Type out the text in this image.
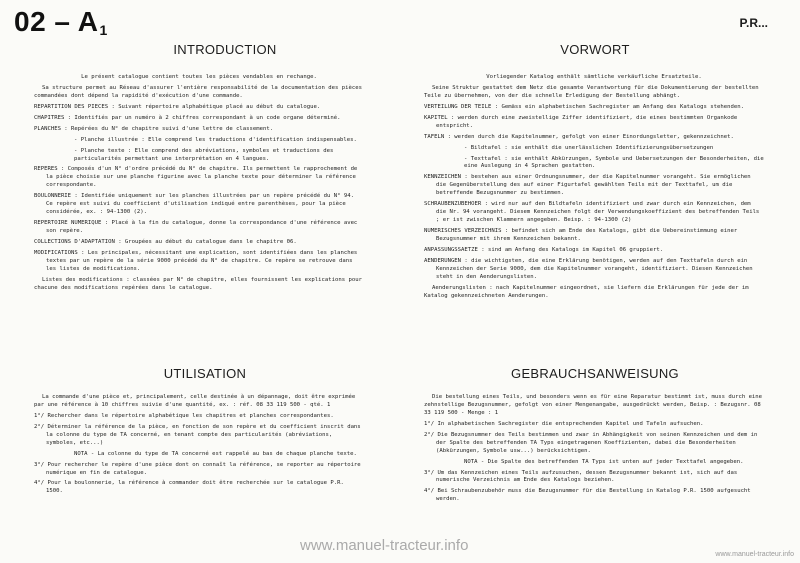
$02 - A_1$	P.R...
INTRODUCTION

Le présent catalogue contient toutes les pièces vendables en rechange.

Sa structure permet au Réseau d'assurer l'entière responsabilité de la documentation des pièces commandées dont dépend la rapidité d'exécution d'une commande.

REPARTITION DES PIECES : Suivant répertoire alphabétique placé au début du catalogue.

CHAPITRES : Identifiés par un numéro à 2 chiffres correspondant à un code organe déterminé.

PLANCHES : Repérées du N° de chapitre suivi d'une lettre de classement.

- Planche illustrée : Elle comprend les traductions d'identification indispensables.

- Planche texte : Elle comprend des abréviations, symboles et traductions des particularités permettant une interprétation en 4 langues.

REPERES : Composés d'un N° d'ordre précédé du N° de chapitre. Ils permettent le rapprochement de la pièce choisie sur une planche figurine avec la planche texte pour déterminer la référence correspondante.

BOULONNERIE : Identifiée uniquement sur les planches illustrées par un repère précédé du N° 94. Ce repère est suivi du coefficient d'utilisation indiqué entre parenthèses, pour la pièce considérée, ex. : 94-1300 (2).

REPERTOIRE NUMERIQUE : Placé à la fin du catalogue, donne la correspondance d'une référence avec son repère.

COLLECTIONS D'ADAPTATION : Groupées au début du catalogue dans le chapitre 06.

MODIFICATIONS : Les principales, nécessitant une explication, sont identifiées dans les planches textes par un repère de la série 9000 précédé du N° de chapitre. Ce repère se retrouve dans les listes de modifications.

Listes des modifications : classées par N° de chapitre, elles fournissent les explications pour chacune des modifications repérées dans le catalogue.

VORWORT

Vorliegender Katalog enthält sämtliche verkäufliche Ersatzteile.

Seine Struktur gestattet dem Netz die gesamte Verantwortung für die Dokumentierung der bestellten Teile zu übernehmen, von der die schnelle Erledigung der Bestellung abhängt.

VERTEILUNG DER TEILE : Gemäss ein alphabetischen Sachregister am Anfang des Katalogs stehenden.

KAPITEL : werden durch eine zweistellige Ziffer identifiziert, die eines bestimmten Organkode entspricht.

TAFELN : werden durch die Kapitelnummer, gefolgt von einer Einordungsletter, gekennzeichnet.

- Bildtafel : sie enthält die unerlässlichen Identifizierungsübersetzungen

- Texttafel : sie enthält Abkürzungen, Symbole und Uebersetzungen der Besonderheiten, die eine Auslegung in 4 Sprachen gestatten.

KENNZEICHEN : bestehen aus einer Ordnungsnummer, der die Kapitelnummer vorangeht. Sie ermöglichen die Gegenüberstellung des auf einer Figurtafel gewählten Teils mit der Texttafel, um die betreffende Bezugsnummer zu bestimmen.

SCHRAUBENZUBEHOER : wird nur auf den Bildtafeln identifiziert und zwar durch ein Kennzeichen, dem die Nr. 94 vorangeht. Diesem Kennzeichen folgt der Verwendungskoeffizient des betreffenden Teils ; er ist zwischen Klammern angegeben. Beisp. : 94-1300 (2)

NUMERISCHES VERZEICHNIS : befindet sich am Ende des Katalogs, gibt die Uebereinstimmung einer Bezugsnummer mit ihrem Kennzeichen bekannt.

ANPASSUNGSSAETZE : sind am Anfang des Katalogs im Kapitel 06 gruppiert.

AENDERUNGEN : die wichtigsten, die eine Erklärung benötigen, werden auf den Texttafeln durch ein Kennzeichen der Serie 9000, dem die Kapitelnummer vorangeht, identifiziert. Diesen Kennzeichen steht in den Aenderungslisten.

Aenderungslisten : nach Kapitelnummer eingeordnet, sie liefern die Erklärungen für jede der im Katalog gekennzeichneten Aenderungen.

UTILISATION

La commande d'une pièce et, principalement, celle destinée à un dépannage, doit être exprimée par une référence à 10 chiffres suivie d'une quantité, ex. : réf. 08 33 119 500 - qté. 1

1°/ Rechercher dans le répertoire alphabétique les chapitres et planches correspondantes.

2°/ Déterminer la référence de la pièce, en fonction de son repère et du coefficient inscrit dans la colonne du type de TA concerné, en tenant compte des particularités (abréviations, symboles, etc...)

NOTA - La colonne du type de TA concerné est rappelé au bas de chaque planche texte.

3°/ Pour rechercher le repère d'une pièce dont on connaît la référence, se reporter au répertoire numérique en fin de catalogue.

4°/ Pour la boulonnerie, la référence à commander doit être recherchée sur le catalogue P.R. 1500.

GEBRAUCHSANWEISUNG

Die bestellung eines Teils, und besonders wenn es für eine Reparatur bestimmt ist, muss durch eine zehnstellige Bezugsnummer, gefolgt von einer Mengenangabe, ausgedrückt werden, Beisp. : Bezugsnr. 08 33 119 500 - Menge : 1

1°/ In alphabetischen Sachregister die entsprechenden Kapitel und Tafeln aufsuchen.

2°/ Die Bezugsnummer des Teils bestimmen und zwar in Abhängigkeit von seinen Kennzeichen und dem in der Spalte des betreffenden TA Typs eingetragenen Koeffizienten, dabei die Besonderheiten (Abkürzungen, Symbole usw...) berücksichtigen.

NOTA - Die Spalte des betreffenden TA Typs ist unten auf jeder Texttafel angegeben.

3°/ Um das Kennzeichen eines Teils aufzusuchen, dessen Bezugsnummer bekannt ist, sich auf das numerische Verzeichnis am Ende des Katalogs beziehen.

4°/ Bei Schraubenzubehör muss die Bezugsnummer für die Bestellung in Katalog P.R. 1500 aufgesucht werden.

www.manuel-tracteur.info
www.manuel-tracteur.info
